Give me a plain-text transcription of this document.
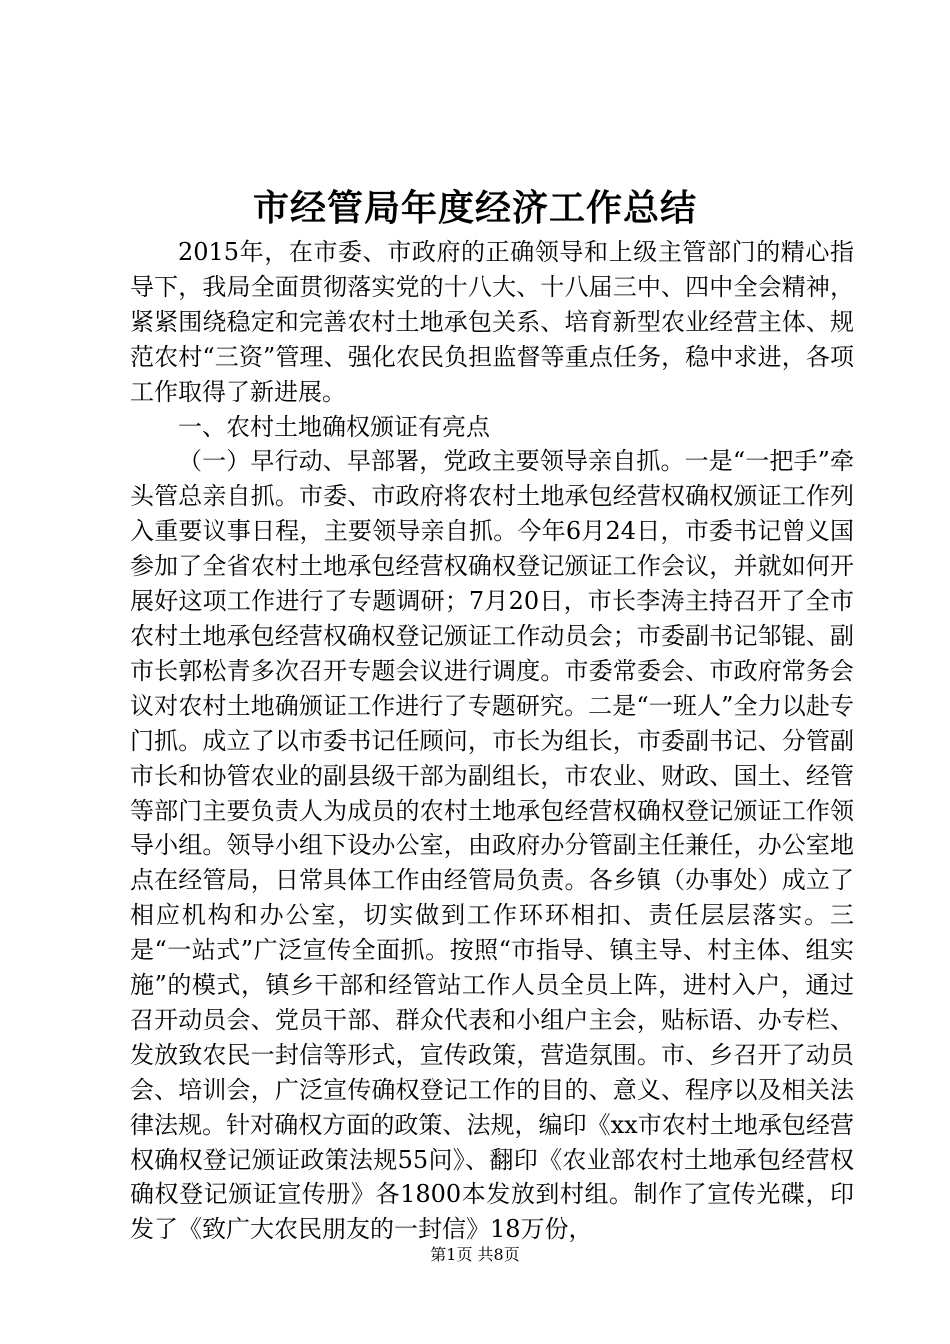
市经管局年度经济工作总结

2015年，在市委、市政府的正确领导和上级主管部门的精心指导下，我局全面贯彻落实党的十八大、十八届三中、四中全会精神，紧紧围绕稳定和完善农村土地承包关系、培育新型农业经营主体、规范农村“三资”管理、强化农民负担监督等重点任务，稳中求进，各项工作取得了新进展。

一、农村土地确权颁证有亮点

（一）早行动、早部署，党政主要领导亲自抓。一是“一把手”牵头管总亲自抓。市委、市政府将农村土地承包经营权确权颁证工作列入重要议事日程，主要领导亲自抓。今年6月24日，市委书记曾义国参加了全省农村土地承包经营权确权登记颁证工作会议，并就如何开展好这项工作进行了专题调研；7月20日，市长李涛主持召开了全市农村土地承包经营权确权登记颁证工作动员会；市委副书记邹锟、副市长郭松青多次召开专题会议进行调度。市委常委会、市政府常务会议对农村土地确颁证工作进行了专题研究。二是“一班人”全力以赴专门抓。成立了以市委书记任顾问，市长为组长，市委副书记、分管副市长和协管农业的副县级干部为副组长，市农业、财政、国土、经管等部门主要负责人为成员的农村土地承包经营权确权登记颁证工作领导小组。领导小组下设办公室，由政府办分管副主任兼任，办公室地点在经管局，日常具体工作由经管局负责。各乡镇（办事处）成立了相应机构和办公室，切实做到工作环环相扣、责任层层落实。三是“一站式”广泛宣传全面抓。按照“市指导、镇主导、村主体、组实施”的模式，镇乡干部和经管站工作人员全员上阵，进村入户，通过召开动员会、党员干部、群众代表和小组户主会，贴标语、办专栏、发放致农民一封信等形式，宣传政策，营造氛围。市、乡召开了动员会、培训会，广泛宣传确权登记工作的目的、意义、程序以及相关法律法规。针对确权方面的政策、法规，编印《xx市农村土地承包经营权确权登记颁证政策法规55问》、翻印《农业部农村土地承包经营权确权登记颁证宣传册》各1800本发放到村组。制作了宣传光碟，印发了《致广大农民朋友的一封信》18万份，

第1页 共8页
